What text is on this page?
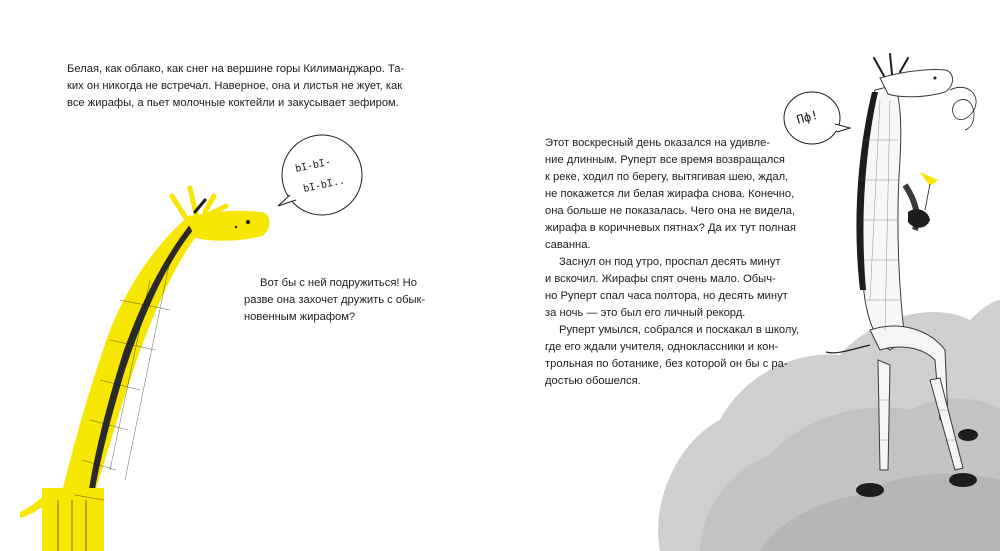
bI-bI-
bI-bI..
Пф!
Белая, как облако, как снег на вершине горы Килиманджаро. Та-
ких он никогда не встречал. Наверное, она и листья не жует, как
все жирафы, а пьет молочные коктейли и закусывает зефиром.
Вот бы с ней подружиться! Но
разве она захочет дружить с обык-
новенным жирафом?
Этот воскресный день оказался на удивле-
ние длинным. Руперт все время возвращался
к реке, ходил по берегу, вытягивая шею, ждал,
не покажется ли белая жирафа снова. Конечно,
она больше не показалась. Чего она не видела,
жирафа в коричневых пятнах? Да их тут полная
саванна.
Заснул он под утро, проспал десять минут
и вскочил. Жирафы спят очень мало. Обыч-
но Руперт спал часа полтора, но десять минут
за ночь — это был его личный рекорд.
Руперт умылся, собрался и поскакал в школу,
где его ждали учителя, одноклассники и кон-
трольная по ботанике, без которой он бы с ра-
достью обошелся.
